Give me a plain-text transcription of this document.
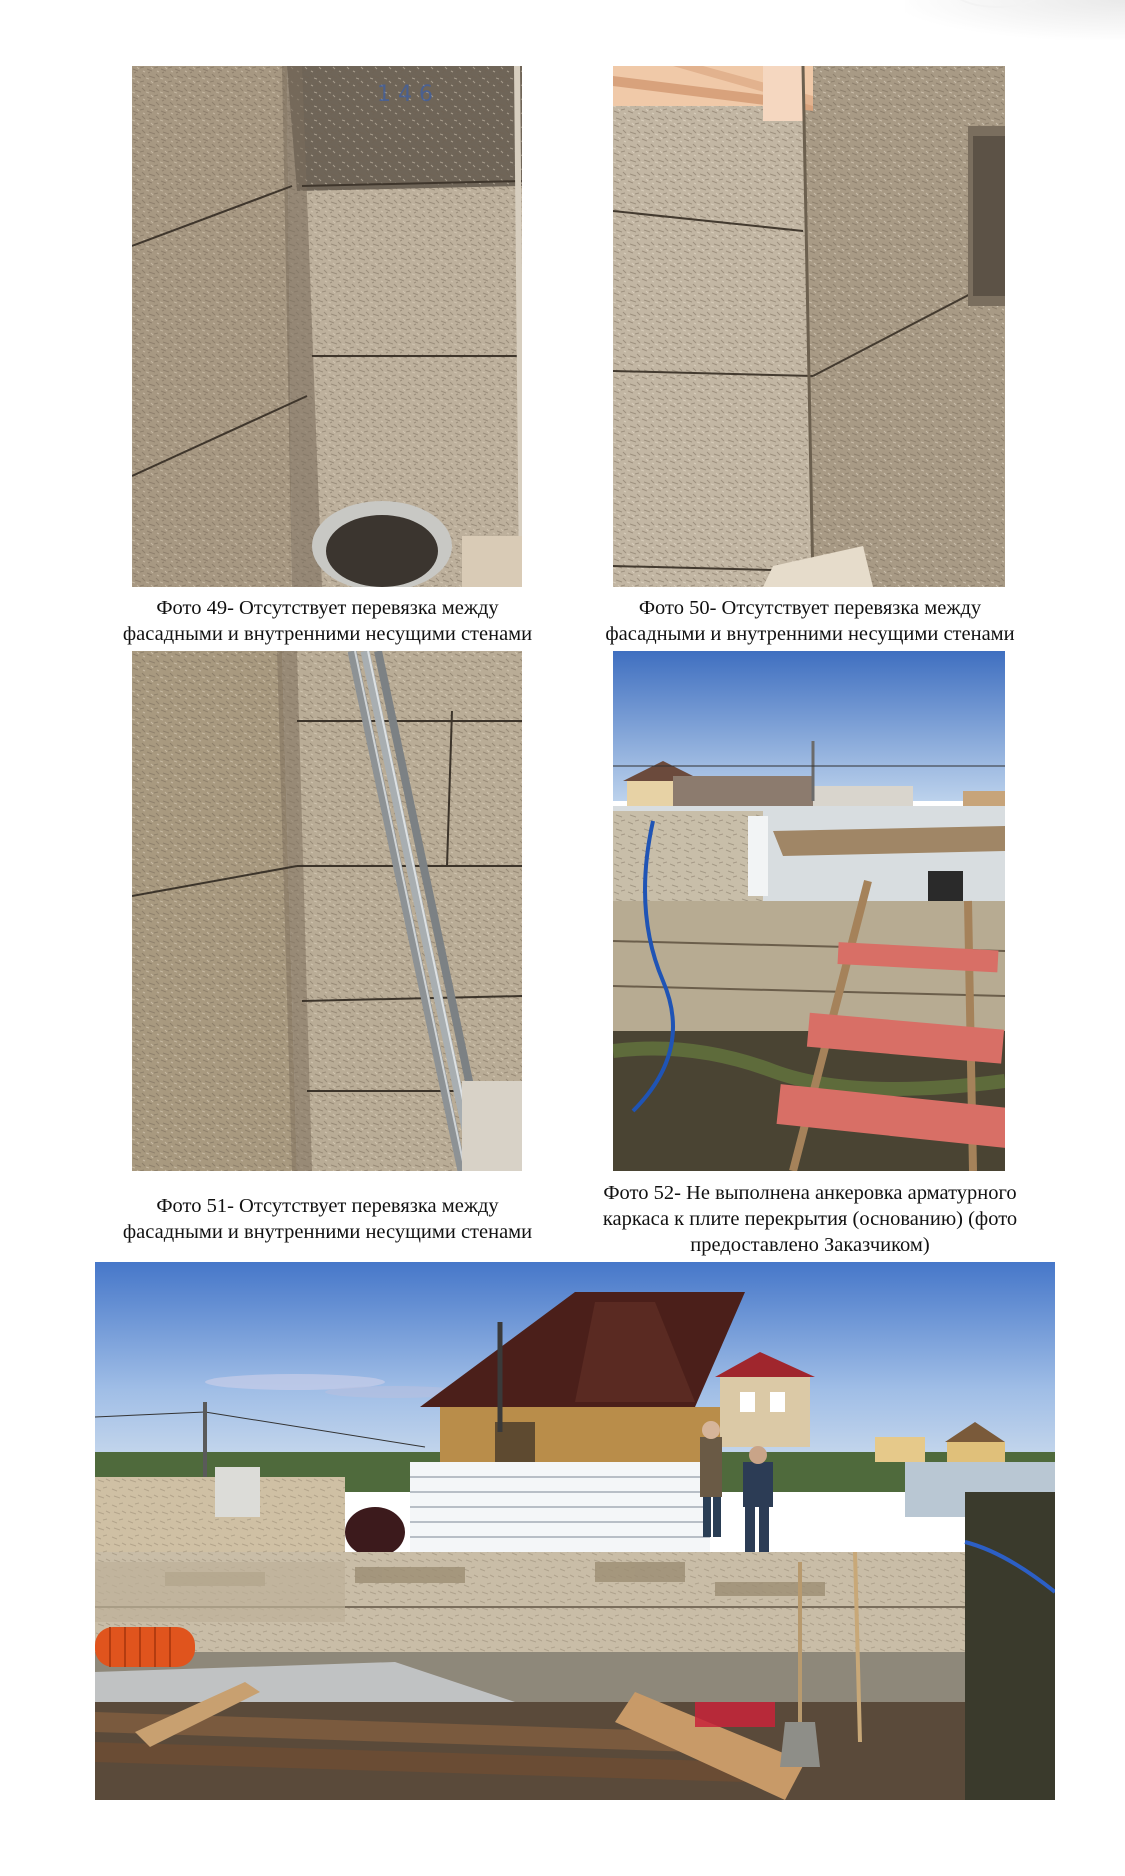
1 4 6
Фото 49- Отсутствует перевязка между
фасадными и внутренними несущими стенами
Фото 50- Отсутствует перевязка между
фасадными и внутренними несущими стенами
Фото 51- Отсутствует перевязка между
фасадными и внутренними несущими стенами
Фото 52- Не выполнена анкеровка арматурного
каркаса к плите перекрытия (основанию) (фото
предоставлено Заказчиком)
